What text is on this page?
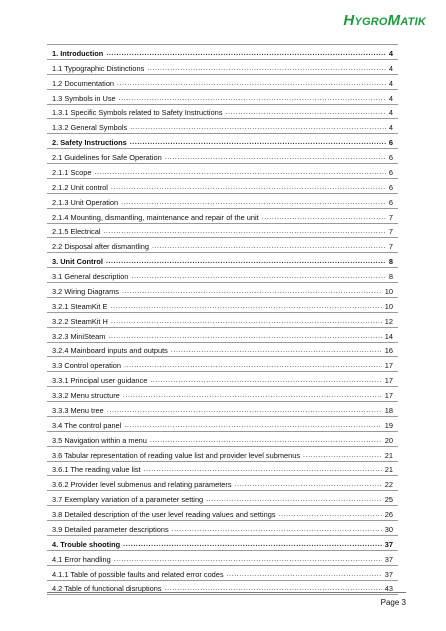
HYGROMATIK
1. Introduction .....	4
1.1 Typographic Distinctions .....	4
1.2 Documentation .....	4
1.3 Symbols in Use .....	4
1.3.1 Specific Symbols related to Safety Instructions .....	4
1.3.2 General Symbols .....	4
2. Safety Instructions .....	6
2.1 Guidelines for Safe Operation .....	6
2.1.1 Scope .....	6
2.1.2 Unit control .....	6
2.1.3 Unit Operation .....	6
2.1.4 Mounting, dismantling, maintenance and repair of the unit .....	7
2.1.5 Electrical .....	7
2.2 Disposal after dismantling .....	7
3. Unit Control .....	8
3.1 General description .....	8
3.2 Wiring Diagrams .....	10
3.2.1 SteamKit E .....	10
3.2.2 SteamKit H .....	12
3.2.3 MiniSteam .....	14
3.2.4 Mainboard inputs and outputs .....	16
3.3 Control operation .....	17
3.3.1 Principal user guidance .....	17
3.3.2 Menu structure .....	17
3.3.3 Menu tree .....	18
3.4 The control panel .....	19
3.5 Navigation within a menu .....	20
3.6 Tabular representation of reading value list and provider level submenus .....	21
3.6.1 The reading value list .....	21
3.6.2 Provider level submenus and relating parameters .....	22
3.7 Exemplary variation of a parameter setting .....	25
3.8 Detailed description of the user level reading values and settings .....	26
3.9 Detailed parameter descriptions .....	30
4. Trouble shooting .....	37
4.1 Error handling .....	37
4.1.1 Table of possible faults and related error codes .....	37
4.2 Table of functional disruptions .....	43
Page 3
